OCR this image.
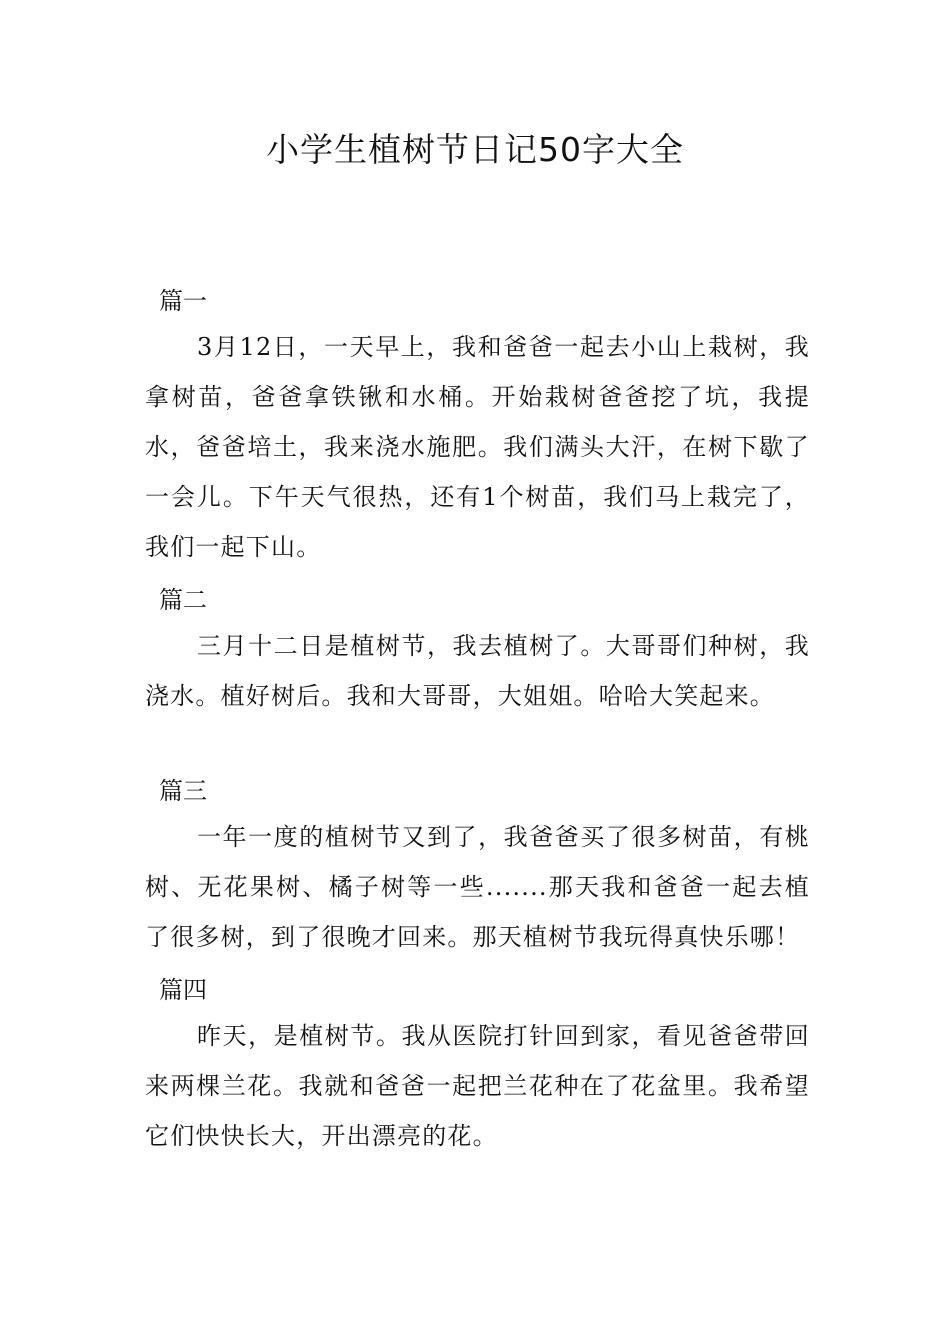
小学生植树节日记50字大全
篇一

3月12日，一天早上，我和爸爸一起去小山上栽树，我拿树苗，爸爸拿铁锹和水桶。开始栽树爸爸挖了坑，我提水，爸爸培土，我来浇水施肥。我们满头大汗，在树下歇了一会儿。下午天气很热，还有1个树苗，我们马上栽完了，我们一起下山。

篇二

三月十二日是植树节，我去植树了。大哥哥们种树，我浇水。植好树后。我和大哥哥，大姐姐。哈哈大笑起来。

篇三

一年一度的植树节又到了，我爸爸买了很多树苗，有桃树、无花果树、橘子树等一些.......那天我和爸爸一起去植了很多树，到了很晚才回来。那天植树节我玩得真快乐哪！

篇四

昨天，是植树节。我从医院打针回到家，看见爸爸带回来两棵兰花。我就和爸爸一起把兰花种在了花盆里。我希望它们快快长大，开出漂亮的花。
